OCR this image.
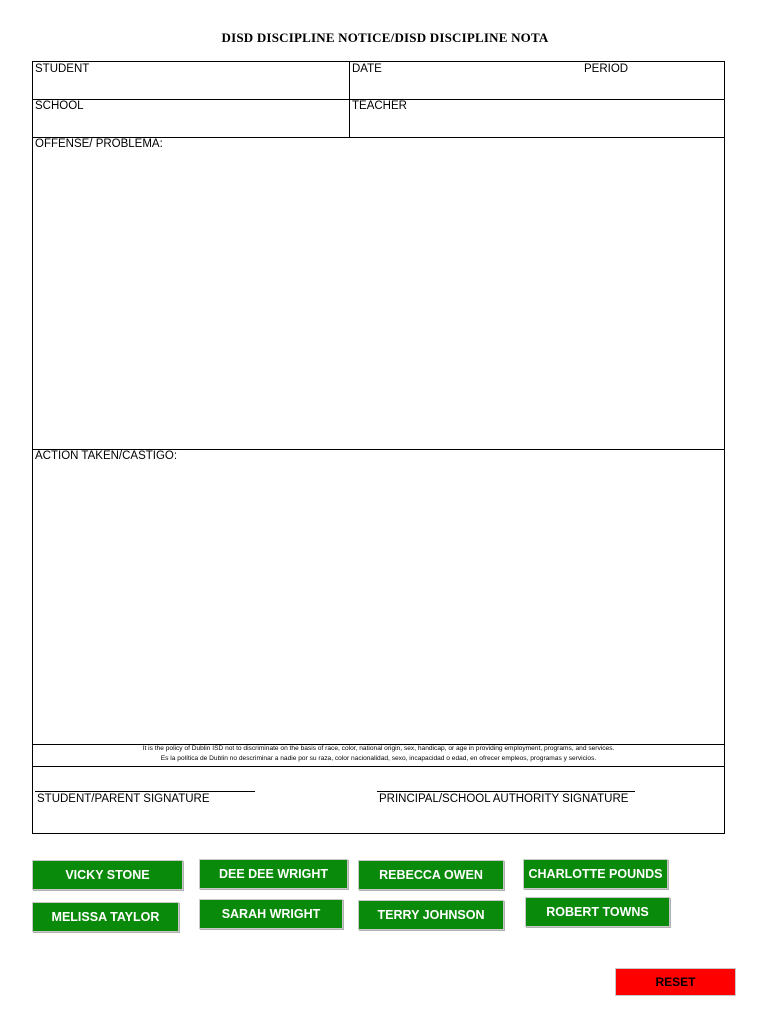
DISD DISCIPLINE NOTICE/DISD DISCIPLINE NOTA
STUDENT	DATE	PERIOD
SCHOOL	TEACHER
OFFENSE/ PROBLEMA:
ACTION TAKEN/CASTIGO:
It is the policy of Dublin ISD not to discriminate on the basis of race, color, national origin, sex, handicap, or age in providing employment, programs, and services.
Es la política de Dublin no descriminar a nadie por su raza, color nacionalidad, sexo, incapacidad o edad, en ofrecer empleos, programas y servicios.
STUDENT/PARENT SIGNATURE	PRINCIPAL/SCHOOL AUTHORITY SIGNATURE
VICKY STONE	DEE DEE WRIGHT	REBECCA OWEN	CHARLOTTE POUNDS
MELISSA TAYLOR	SARAH WRIGHT	TERRY JOHNSON	ROBERT TOWNS
RESET
